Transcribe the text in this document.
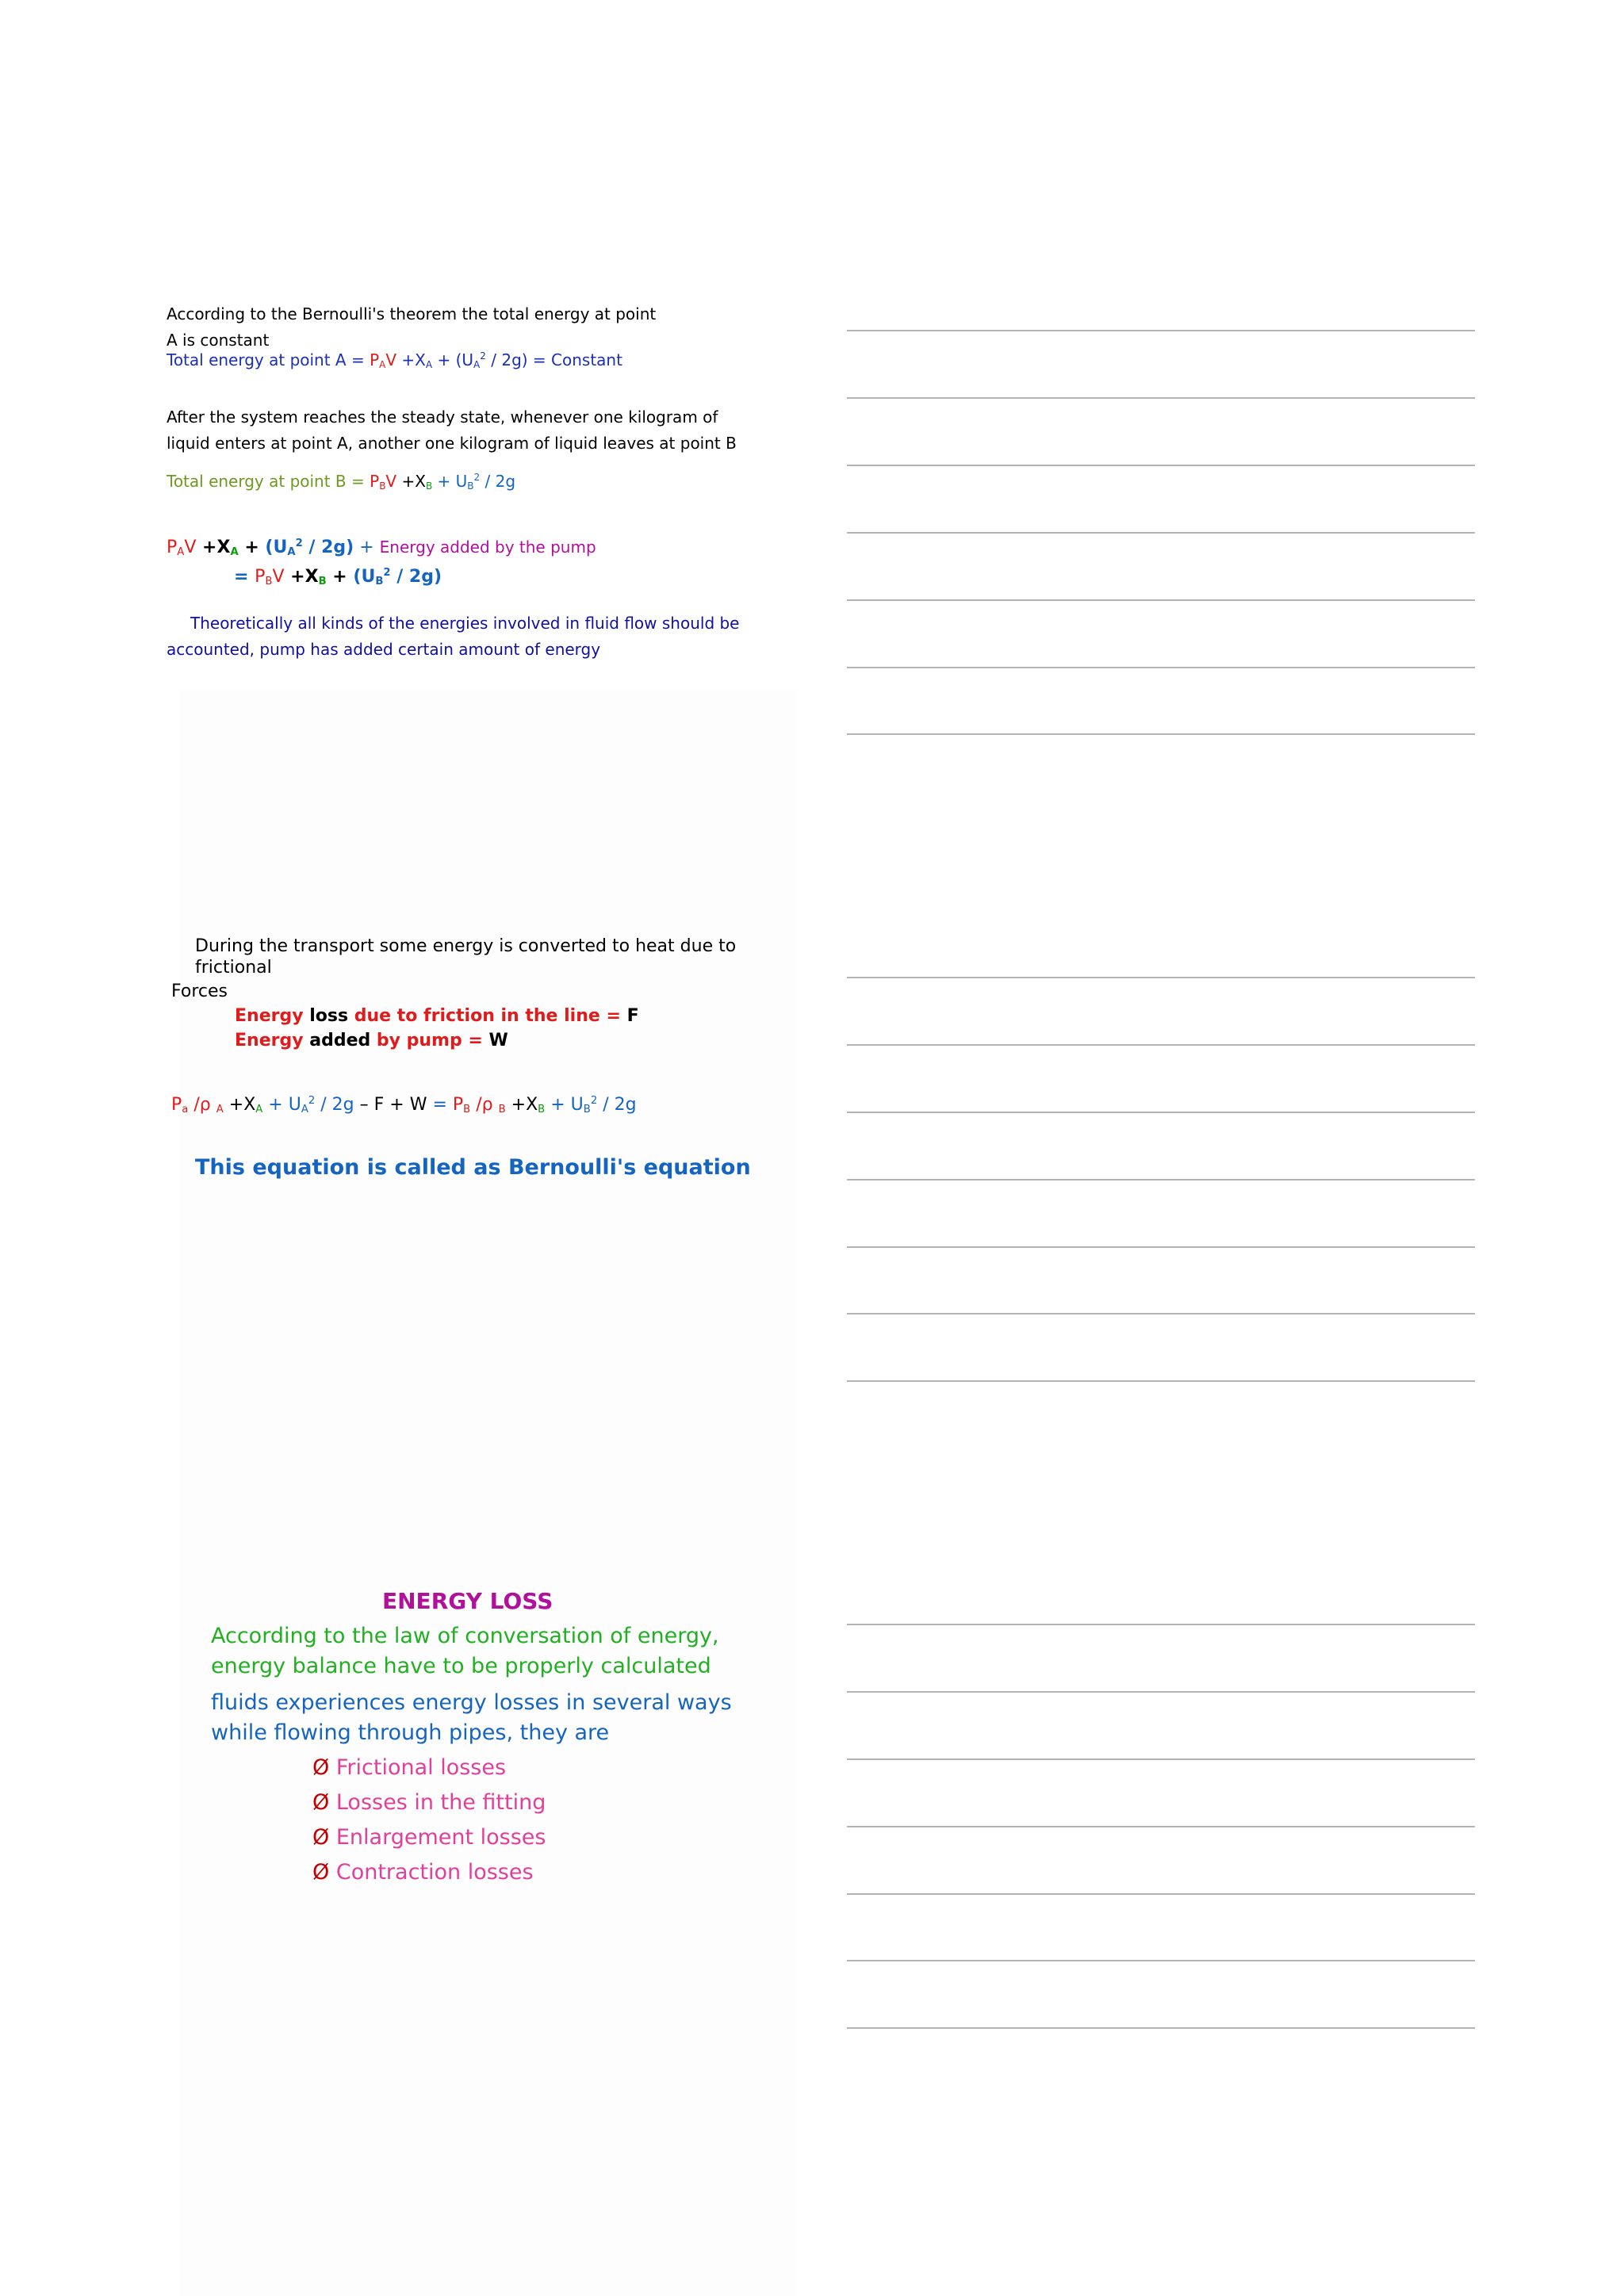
According to the Bernoulli's theorem the total energy at point
A is constant
Total energy at point $A = P_AV +X_A + (U_A^2 / 2g)$ = Constant
After the system reaches the steady state, whenever one kilogram of
liquid enters at point A, another one kilogram of liquid leaves at point B
Total energy at point $B = P_BV +X_B + U_B^2 / 2g$
$P_AV +X_A + (U_A^2 / 2g)$ + Energy added by the pump
= $P_BV +X_B + (U_B^2 / 2g)$
Theoretically all kinds of the energies involved in fluid flow should be
accounted, pump has added certain amount of energy
During the transport some energy is converted to heat due to
frictional
Forces
Energy loss due to friction in the line = F
Energy added by pump = W
$P_a$ /ρ $_A +X_A + U_A^2 / 2g - F + W = P_B$ /ρ $_B +X_B + U_B^2 / 2g$
This equation is called as Bernoulli's equation
ENERGY LOSS
According to the law of conversation of energy,
energy balance have to be properly calculated
fluids experiences energy losses in several ways
while flowing through pipes, they are
Ø Frictional losses
Ø Losses in the fitting
Ø Enlargement losses
Ø Contraction losses
